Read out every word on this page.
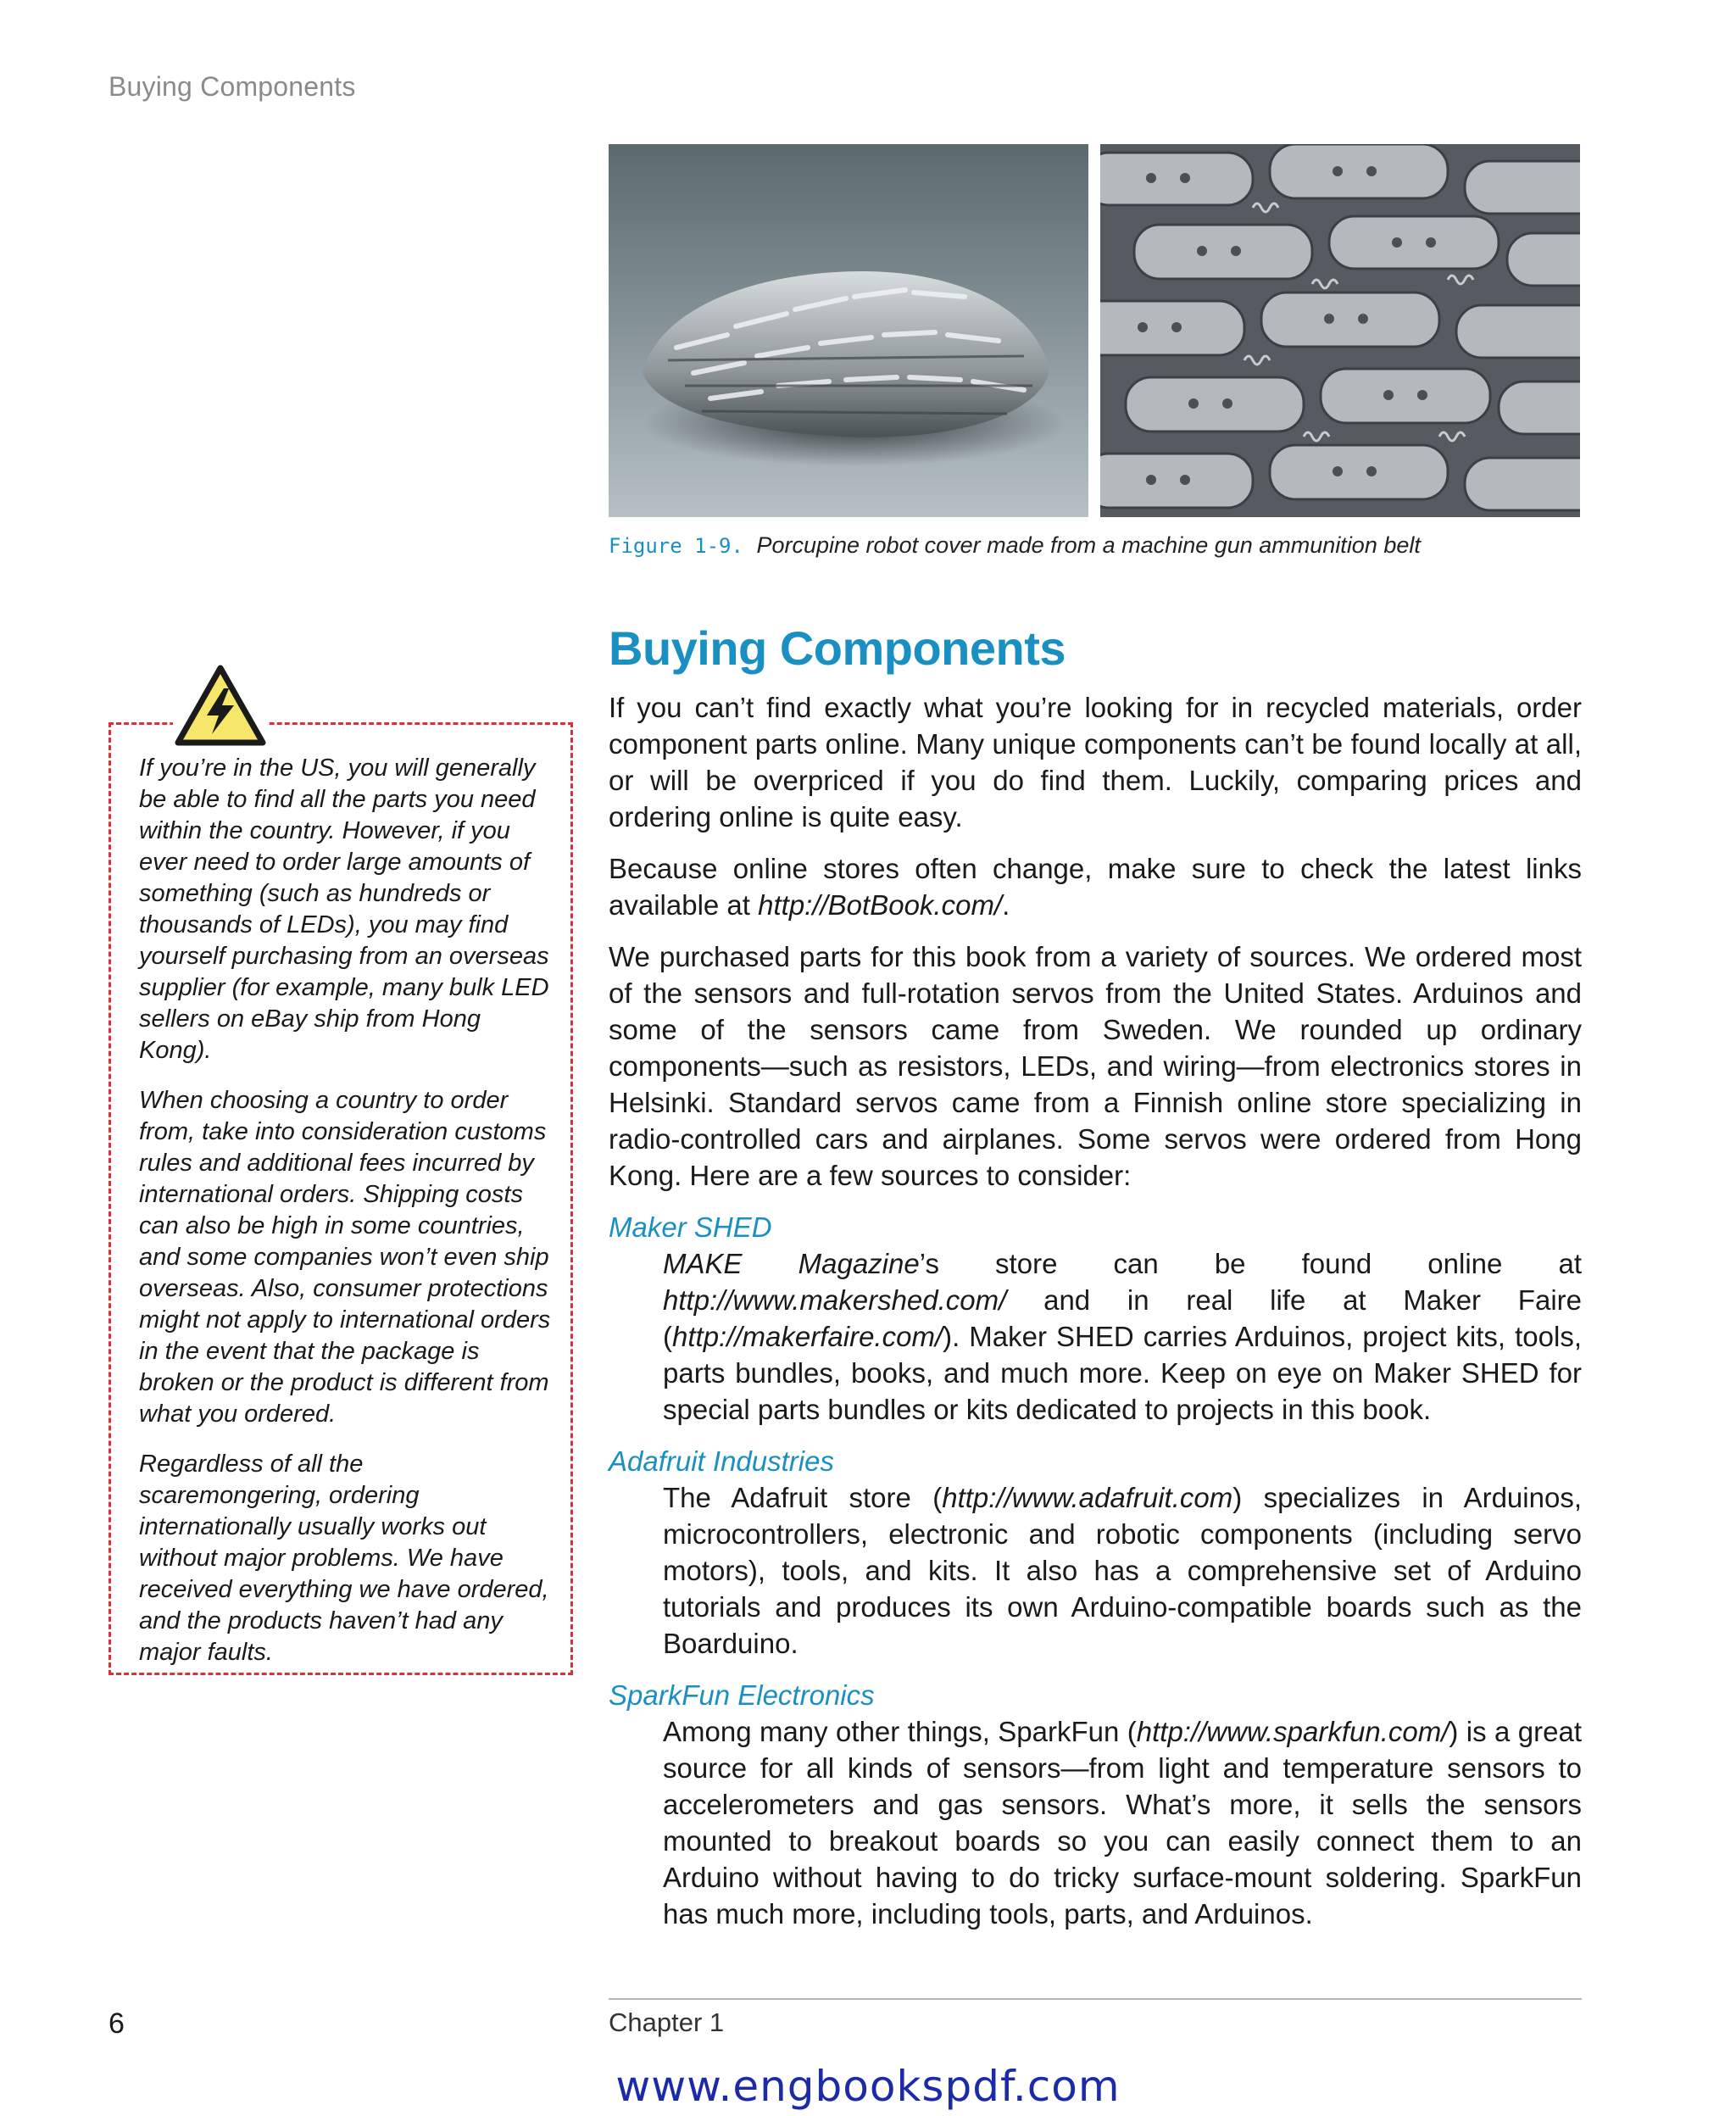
Buying Components
Figure 1-9. Porcupine robot cover made from a machine gun ammunition belt
Buying Components

If you can’t find exactly what you’re looking for in recycled materials, order component parts online. Many unique components can’t be found locally at all, or will be overpriced if you do find them. Luckily, comparing prices and ordering online is quite easy.

Because online stores often change, make sure to check the latest links available at http://BotBook.com/.

We purchased parts for this book from a variety of sources. We ordered most of the sensors and full-rotation servos from the United States. Arduinos and some of the sensors came from Sweden. We rounded up ordinary components—such as resistors, LEDs, and wiring—from electronics stores in Helsinki. Standard servos came from a Finnish online store specializing in radio-controlled cars and airplanes. Some servos were ordered from Hong Kong. Here are a few sources to consider:

Maker SHED

MAKE Magazine’s store can be found online at http://www.makershed.com/ and in real life at Maker Faire (http://makerfaire.com/). Maker SHED carries Arduinos, project kits, tools, parts bundles, books, and much more. Keep on eye on Maker SHED for special parts bundles or kits dedicated to projects in this book.

Adafruit Industries

The Adafruit store (http://www.adafruit.com) specializes in Arduinos, microcontrollers, electronic and robotic components (including servo motors), tools, and kits. It also has a comprehensive set of Arduino tutorials and produces its own Arduino-compatible boards such as the Boarduino.

SparkFun Electronics

Among many other things, SparkFun (http://www.sparkfun.com/) is a great source for all kinds of sensors—from light and temperature sensors to accelerometers and gas sensors. What’s more, it sells the sensors mounted to breakout boards so you can easily connect them to an Arduino without having to do tricky surface-mount soldering. SparkFun has much more, including tools, parts, and Arduinos.

If you’re in the US, you will generally be able to find all the parts you need within the country. However, if you ever need to order large amounts of something (such as hundreds or thousands of LEDs), you may find yourself purchasing from an overseas supplier (for example, many bulk LED sellers on eBay ship from Hong Kong).

When choosing a country to order from, take into consideration customs rules and additional fees incurred by international orders. Shipping costs can also be high in some countries, and some companies won’t even ship overseas. Also, consumer protections might not apply to international orders in the event that the package is broken or the product is different from what you ordered.

Regardless of all the scaremongering, ordering internationally usually works out without major problems. We have received everything we have ordered, and the products haven’t had any major faults.

6	Chapter 1
www.engbookspdf.com
